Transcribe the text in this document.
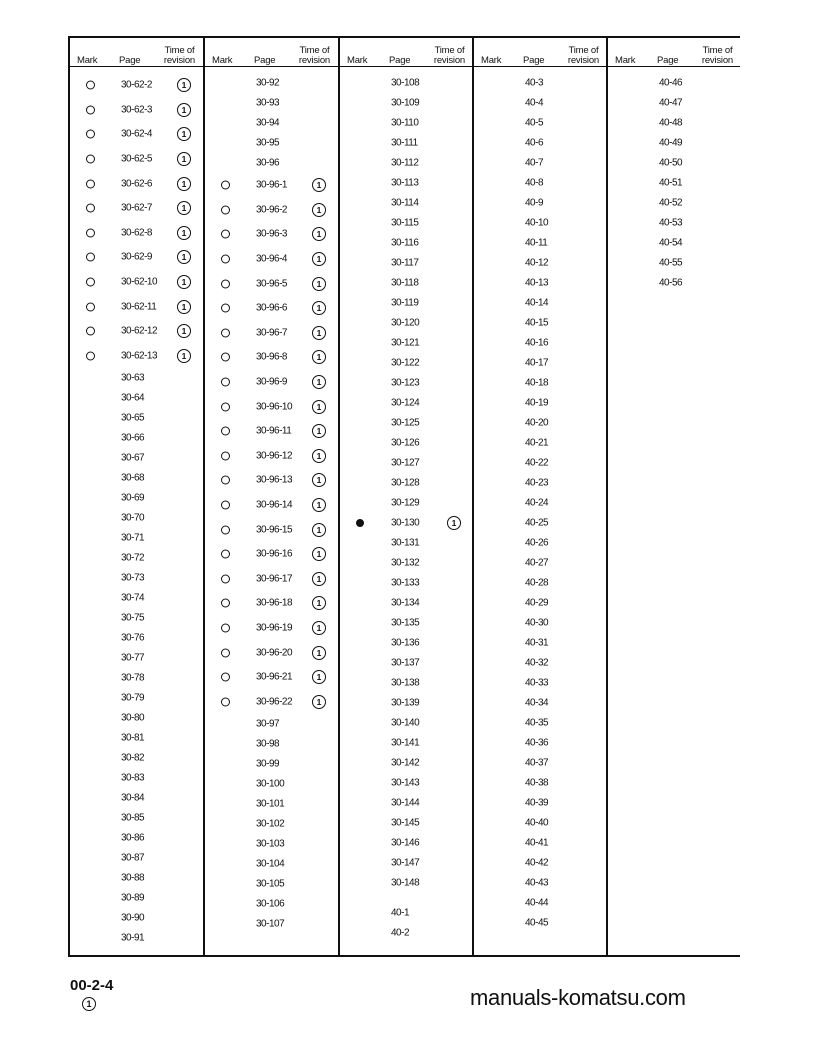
Mark Page
Time of
revision
30-62-2	1
30-62-3	1
30-62-4	1
30-62-5	1
30-62-6	1
30-62-7	1
30-62-8	1
30-62-9	1
30-62-10	1
30-62-11	1
30-62-12	1
30-62-13	1
30-63
30-64
30-65
30-66
30-67
30-68
30-69
30-70
30-71
30-72
30-73
30-74
30-75
30-76
30-77
30-78
30-79
30-80
30-81
30-82
30-83
30-84
30-85
30-86
30-87
30-88
30-89
30-90
30-91
Mark Page
Time of
revision
30-92
30-93
30-94
30-95
30-96
30-96-1	1
30-96-2	1
30-96-3	1
30-96-4	1
30-96-5	1
30-96-6	1
30-96-7	1
30-96-8	1
30-96-9	1
30-96-10	1
30-96-11	1
30-96-12	1
30-96-13	1
30-96-14	1
30-96-15	1
30-96-16	1
30-96-17	1
30-96-18	1
30-96-19	1
30-96-20	1
30-96-21	1
30-96-22	1
30-97
30-98
30-99
30-100
30-101
30-102
30-103
30-104
30-105
30-106
30-107
Mark Page
Time of
revision
30-108
30-109
30-110
30-111
30-112
30-113
30-114
30-115
30-116
30-117
30-118
30-119
30-120
30-121
30-122
30-123
30-124
30-125
30-126
30-127
30-128
30-129
30-130	1
30-131
30-132
30-133
30-134
30-135
30-136
30-137
30-138
30-139
30-140
30-141
30-142
30-143
30-144
30-145
30-146
30-147
30-148
40-1
40-2
Mark Page
Time of
revision
40-3
40-4
40-5
40-6
40-7
40-8
40-9
40-10
40-11
40-12
40-13
40-14
40-15
40-16
40-17
40-18
40-19
40-20
40-21
40-22
40-23
40-24
40-25
40-26
40-27
40-28
40-29
40-30
40-31
40-32
40-33
40-34
40-35
40-36
40-37
40-38
40-39
40-40
40-41
40-42
40-43
40-44
40-45
Mark Page
Time of
revision
40-46
40-47
40-48
40-49
40-50
40-51
40-52
40-53
40-54
40-55
40-56
manuals-komatsu.com
00-2-4
1
